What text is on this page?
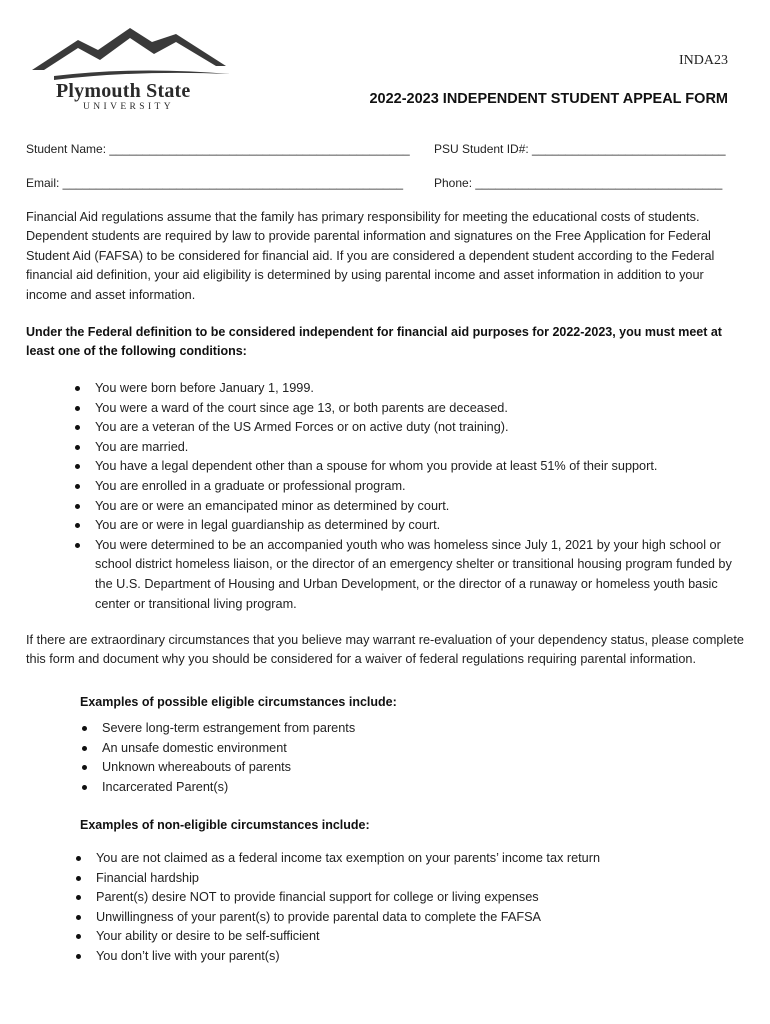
Plymouth State
UNIVERSITY
INDA23
2022-2023 INDEPENDENT STUDENT APPEAL FORM
Student Name: _____________________________________________ PSU Student ID#: _____________________________
Email: ___________________________________________________	Phone: _____________________________________
Financial Aid regulations assume that the family has primary responsibility for meeting the educational costs of students. Dependent students are required by law to provide parental information and signatures on the Free Application for Federal Student Aid (FAFSA) to be considered for financial aid. If you are considered a dependent student according to the Federal financial aid definition, your aid eligibility is determined by using parental income and asset information in addition to your income and asset information.
Under the Federal definition to be considered independent for financial aid purposes for 2022-2023, you must meet at least one of the following conditions:
You were born before January 1, 1999.
You were a ward of the court since age 13, or both parents are deceased.
You are a veteran of the US Armed Forces or on active duty (not training).
You are married.
You have a legal dependent other than a spouse for whom you provide at least 51% of their support.
You are enrolled in a graduate or professional program.
You are or were an emancipated minor as determined by court.
You are or were in legal guardianship as determined by court.
You were determined to be an accompanied youth who was homeless since July 1, 2021 by your high school or school district homeless liaison, or the director of an emergency shelter or transitional housing program funded by the U.S. Department of Housing and Urban Development, or the director of a runaway or homeless youth basic center or transitional living program.
If there are extraordinary circumstances that you believe may warrant re-evaluation of your dependency status, please complete this form and document why you should be considered for a waiver of federal regulations requiring parental information.
Examples of possible eligible circumstances include:
Severe long-term estrangement from parents
An unsafe domestic environment
Unknown whereabouts of parents
Incarcerated Parent(s)
Examples of non-eligible circumstances include:
You are not claimed as a federal income tax exemption on your parents’ income tax return
Financial hardship
Parent(s) desire NOT to provide financial support for college or living expenses
Unwillingness of your parent(s) to provide parental data to complete the FAFSA
Your ability or desire to be self-sufficient
You don’t live with your parent(s)
